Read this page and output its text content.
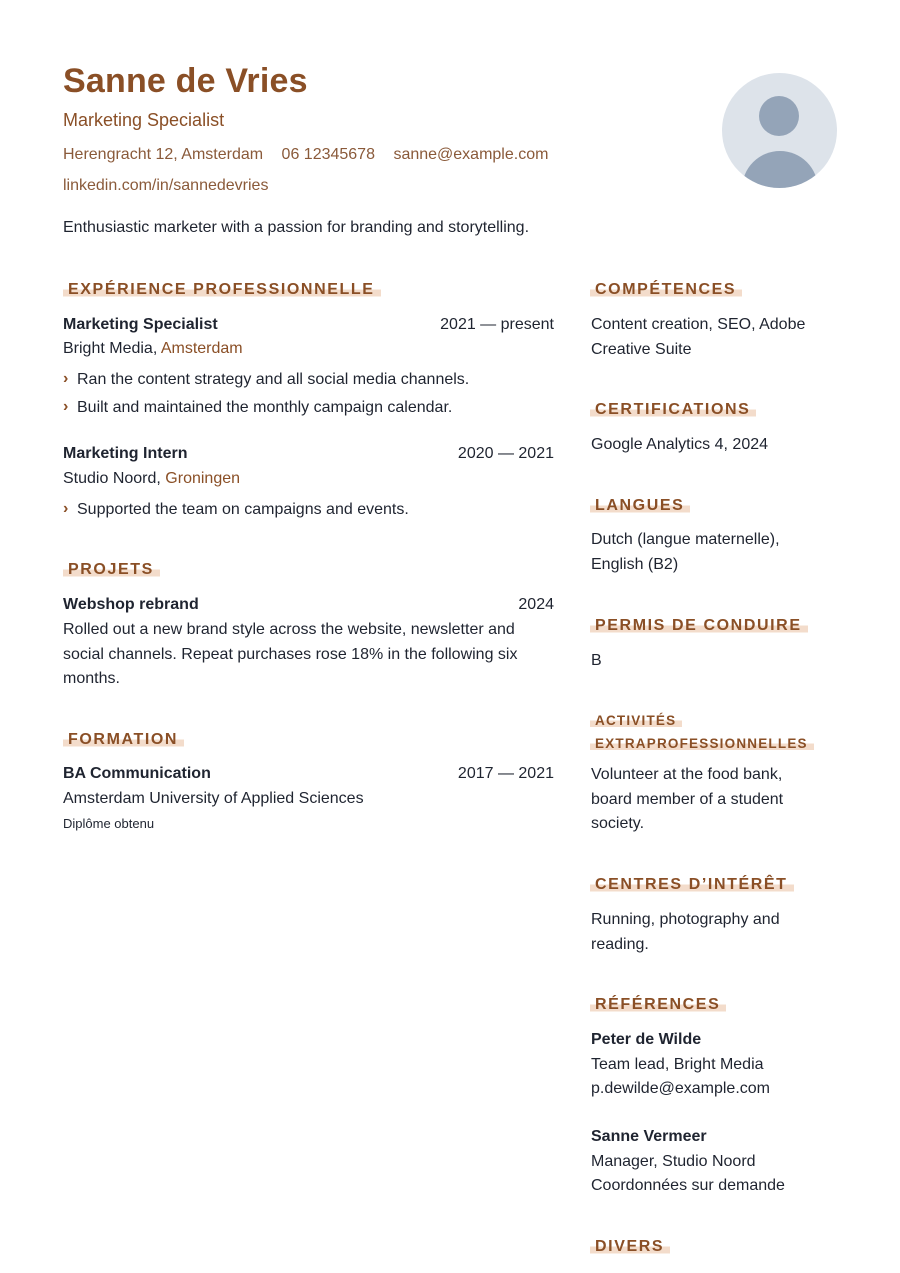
Sanne de Vries
Marketing Specialist
Herengracht 12, Amsterdam 06 12345678 sanne@example.com
linkedin.com/in/sannedevries
Enthusiastic marketer with a passion for branding and storytelling.
EXPÉRIENCE PROFESSIONNELLE
Marketing Specialist	2021 — present
Bright Media, Amsterdam
› Ran the content strategy and all social media channels.
› Built and maintained the monthly campaign calendar.
Marketing Intern	2020 — 2021
Studio Noord, Groningen
› Supported the team on campaigns and events.
PROJETS
Webshop rebrand	2024
Rolled out a new brand style across the website, newsletter and
social channels. Repeat purchases rose 18% in the following six
months.
FORMATION
BA Communication	2017 — 2021
Amsterdam University of Applied Sciences
Diplôme obtenu
COMPÉTENCES
Content creation, SEO, Adobe
Creative Suite
CERTIFICATIONS
Google Analytics 4, 2024
LANGUES
Dutch (langue maternelle),
English (B2)
PERMIS DE CONDUIRE
B
ACTIVITÉS
EXTRAPROFESSIONNELLES
Volunteer at the food bank,
board member of a student
society.
CENTRES D’INTÉRÊT
Running, photography and
reading.
RÉFÉRENCES
Peter de Wilde
Team lead, Bright Media
p.dewilde@example.com
Sanne Vermeer
Manager, Studio Noord
Coordonnées sur demande
DIVERS
